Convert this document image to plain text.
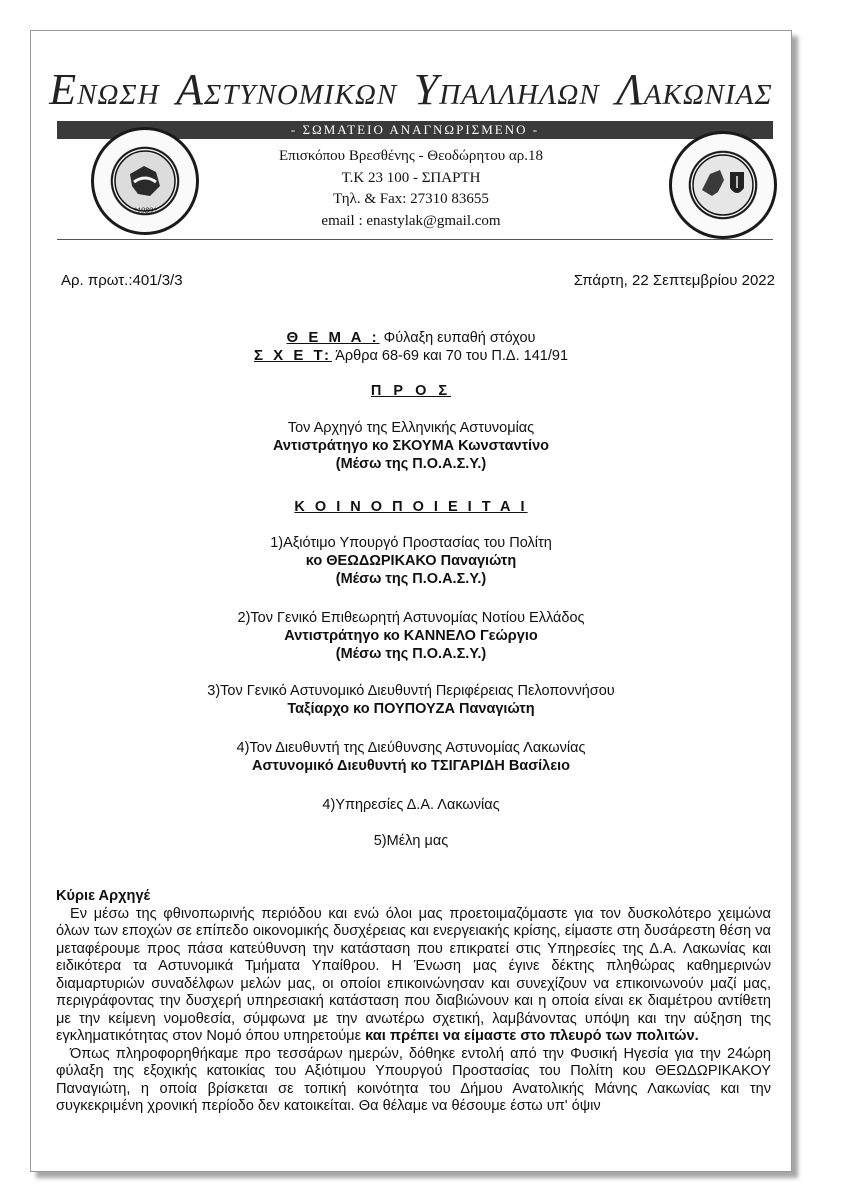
ΕΝΩΣΗ ΑΣΤΥΝΟΜΙΚΩΝ ΥΠΑΛΛΗΛΩΝ ΛΑΚΩΝΙΑΣ
- ΣΩΜΑΤΕΙΟ ΑΝΑΓΝΩΡΙΣΜΕΝΟ -
*1989*
Επισκόπου Βρεσθένης - Θεοδώρητου αρ.18
Τ.Κ 23 100 - ΣΠΑΡΤΗ
Τηλ. & Fax: 27310 83655
email : enastylak@gmail.com
Αρ. πρωτ.:401/3/3	Σπάρτη, 22 Σεπτεμβρίου 2022
Θ Ε Μ Α : Φύλαξη ευπαθή στόχου
Σ Χ Ε Τ: Άρθρα 68-69 και 70 του Π.Δ. 141/91
Π Ρ Ο Σ
Τον Αρχηγό της Ελληνικής Αστυνομίας
Αντιστράτηγο κο ΣΚΟΥΜΑ Κωνσταντίνο
(Μέσω της Π.Ο.Α.Σ.Υ.)
Κ Ο Ι Ν Ο Π Ο Ι Ε Ι Τ Α Ι
1)Αξιότιμο Υπουργό Προστασίας του Πολίτη
κο ΘΕΩΔΩΡΙΚΑΚΟ Παναγιώτη
(Μέσω της Π.Ο.Α.Σ.Υ.)
2)Τον Γενικό Επιθεωρητή Αστυνομίας Νοτίου Ελλάδος
Αντιστράτηγο κο ΚΑΝΝΕΛΟ Γεώργιο
(Μέσω της Π.Ο.Α.Σ.Υ.)
3)Τον Γενικό Αστυνομικό Διευθυντή Περιφέρειας Πελοποννήσου
Ταξίαρχο κο ΠΟΥΠΟΥΖΑ Παναγιώτη
4)Τον Διευθυντή της Διεύθυνσης Αστυνομίας Λακωνίας
Αστυνομικό Διευθυντή κο ΤΣΙΓΑΡΙΔΗ Βασίλειο
4)Υπηρεσίες Δ.Α. Λακωνίας
5)Μέλη μας

Κύριε Αρχηγέ

Εν μέσω της φθινοπωρινής περιόδου και ενώ όλοι μας προετοιμαζόμαστε για τον δυσκολότερο χειμώνα όλων των εποχών σε επίπεδο οικονομικής δυσχέρειας και ενεργειακής κρίσης, είμαστε στη δυσάρεστη θέση να μεταφέρουμε προς πάσα κατεύθυνση την κατάσταση που επικρατεί στις Υπηρεσίες της Δ.Α. Λακωνίας και ειδικότερα τα Αστυνομικά Τμήματα Υπαίθρου. Η Ένωση μας έγινε δέκτης πληθώρας καθημερινών διαμαρτυριών συναδέλφων μελών μας, οι οποίοι επικοινώνησαν και συνεχίζουν να επικοινωνούν μαζί μας, περιγράφοντας την δυσχερή υπηρεσιακή κατάσταση που διαβιώνουν και η οποία είναι εκ διαμέτρου αντίθετη με την κείμενη νομοθεσία, σύμφωνα με την ανωτέρω σχετική, λαμβάνοντας υπόψη και την αύξηση της εγκληματικότητας στον Νομό όπου υπηρετούμε και πρέπει να είμαστε στο πλευρό των πολιτών.

Όπως πληροφορηθήκαμε προ τεσσάρων ημερών, δόθηκε εντολή από την Φυσική Ηγεσία για την 24ώρη φύλαξη της εξοχικής κατοικίας του Αξιότιμου Υπουργού Προστασίας του Πολίτη κου ΘΕΩΔΩΡΙΚΑΚΟΥ Παναγιώτη, η οποία βρίσκεται σε τοπική κοινότητα του Δήμου Ανατολικής Μάνης Λακωνίας και την συγκεκριμένη χρονική περίοδο δεν κατοικείται. Θα θέλαμε να θέσουμε έστω υπ' όψιν
